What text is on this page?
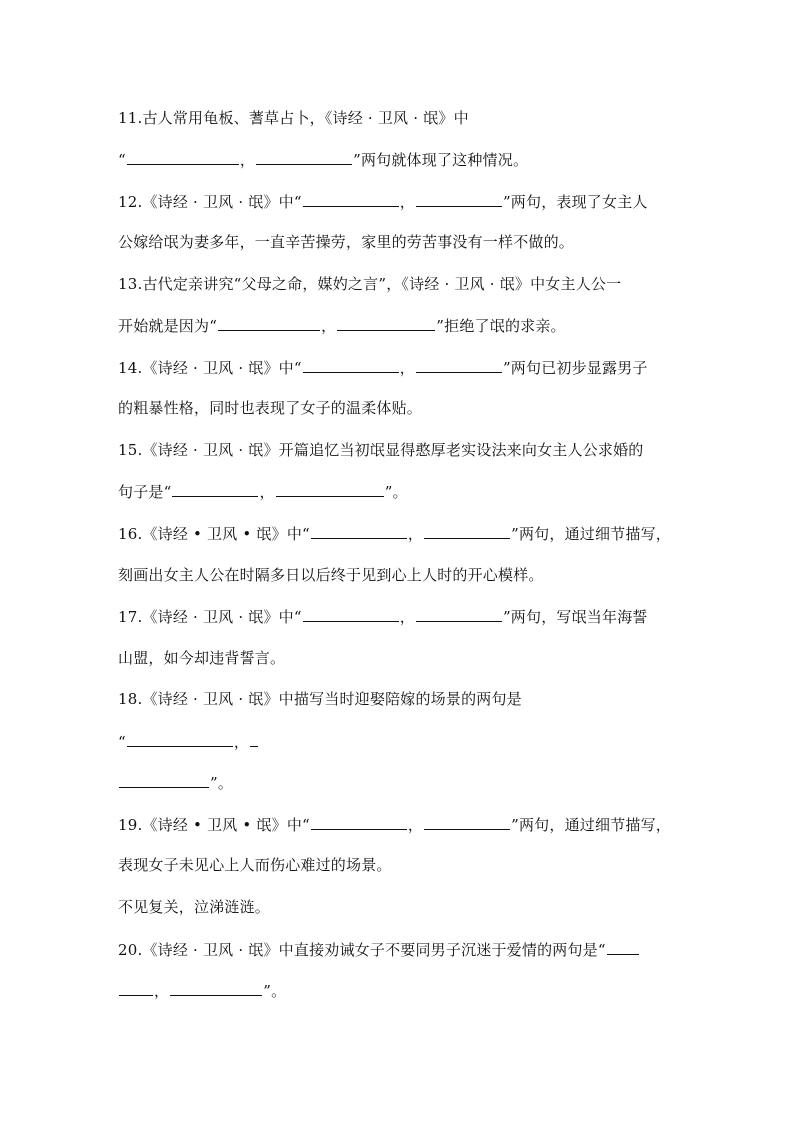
11.古人常用龟板、蓍草占卜，《诗经 · 卫风 · 氓》中
“	，	”两句就体现了这种情况。
12.《诗经 · 卫风 · 氓》中“	，	”两句，表现了女主人
公嫁给氓为妻多年，一直辛苦操劳，家里的劳苦事没有一样不做的。
13.古代定亲讲究“父母之命，媒妁之言”，《诗经 · 卫风 · 氓》中女主人公一
开始就是因为“	，	”拒绝了氓的求亲。
14.《诗经 · 卫风 · 氓》中“	，	”两句已初步显露男子
的粗暴性格，同时也表现了女子的温柔体贴。
15.《诗经 · 卫风 · 氓》开篇追忆当初氓显得憨厚老实设法来向女主人公求婚的
句子是“	，	”。
16.《诗经 • 卫风 • 氓》中“	，	”两句，通过细节描写，
刻画出女主人公在时隔多日以后终于见到心上人时的开心模样。
17.《诗经 · 卫风 · 氓》中“	，	”两句，写氓当年海誓
山盟，如今却违背誓言。
18.《诗经 · 卫风 · 氓》中描写当时迎娶陪嫁的场景的两句是
“	，
”。
19.《诗经 • 卫风 • 氓》中“	，	”两句，通过细节描写，
表现女子未见心上人而伤心难过的场景。
不见复关，泣涕涟涟。
20.《诗经 · 卫风 · 氓》中直接劝诫女子不要同男子沉迷于爱情的两句是“
，	”。
